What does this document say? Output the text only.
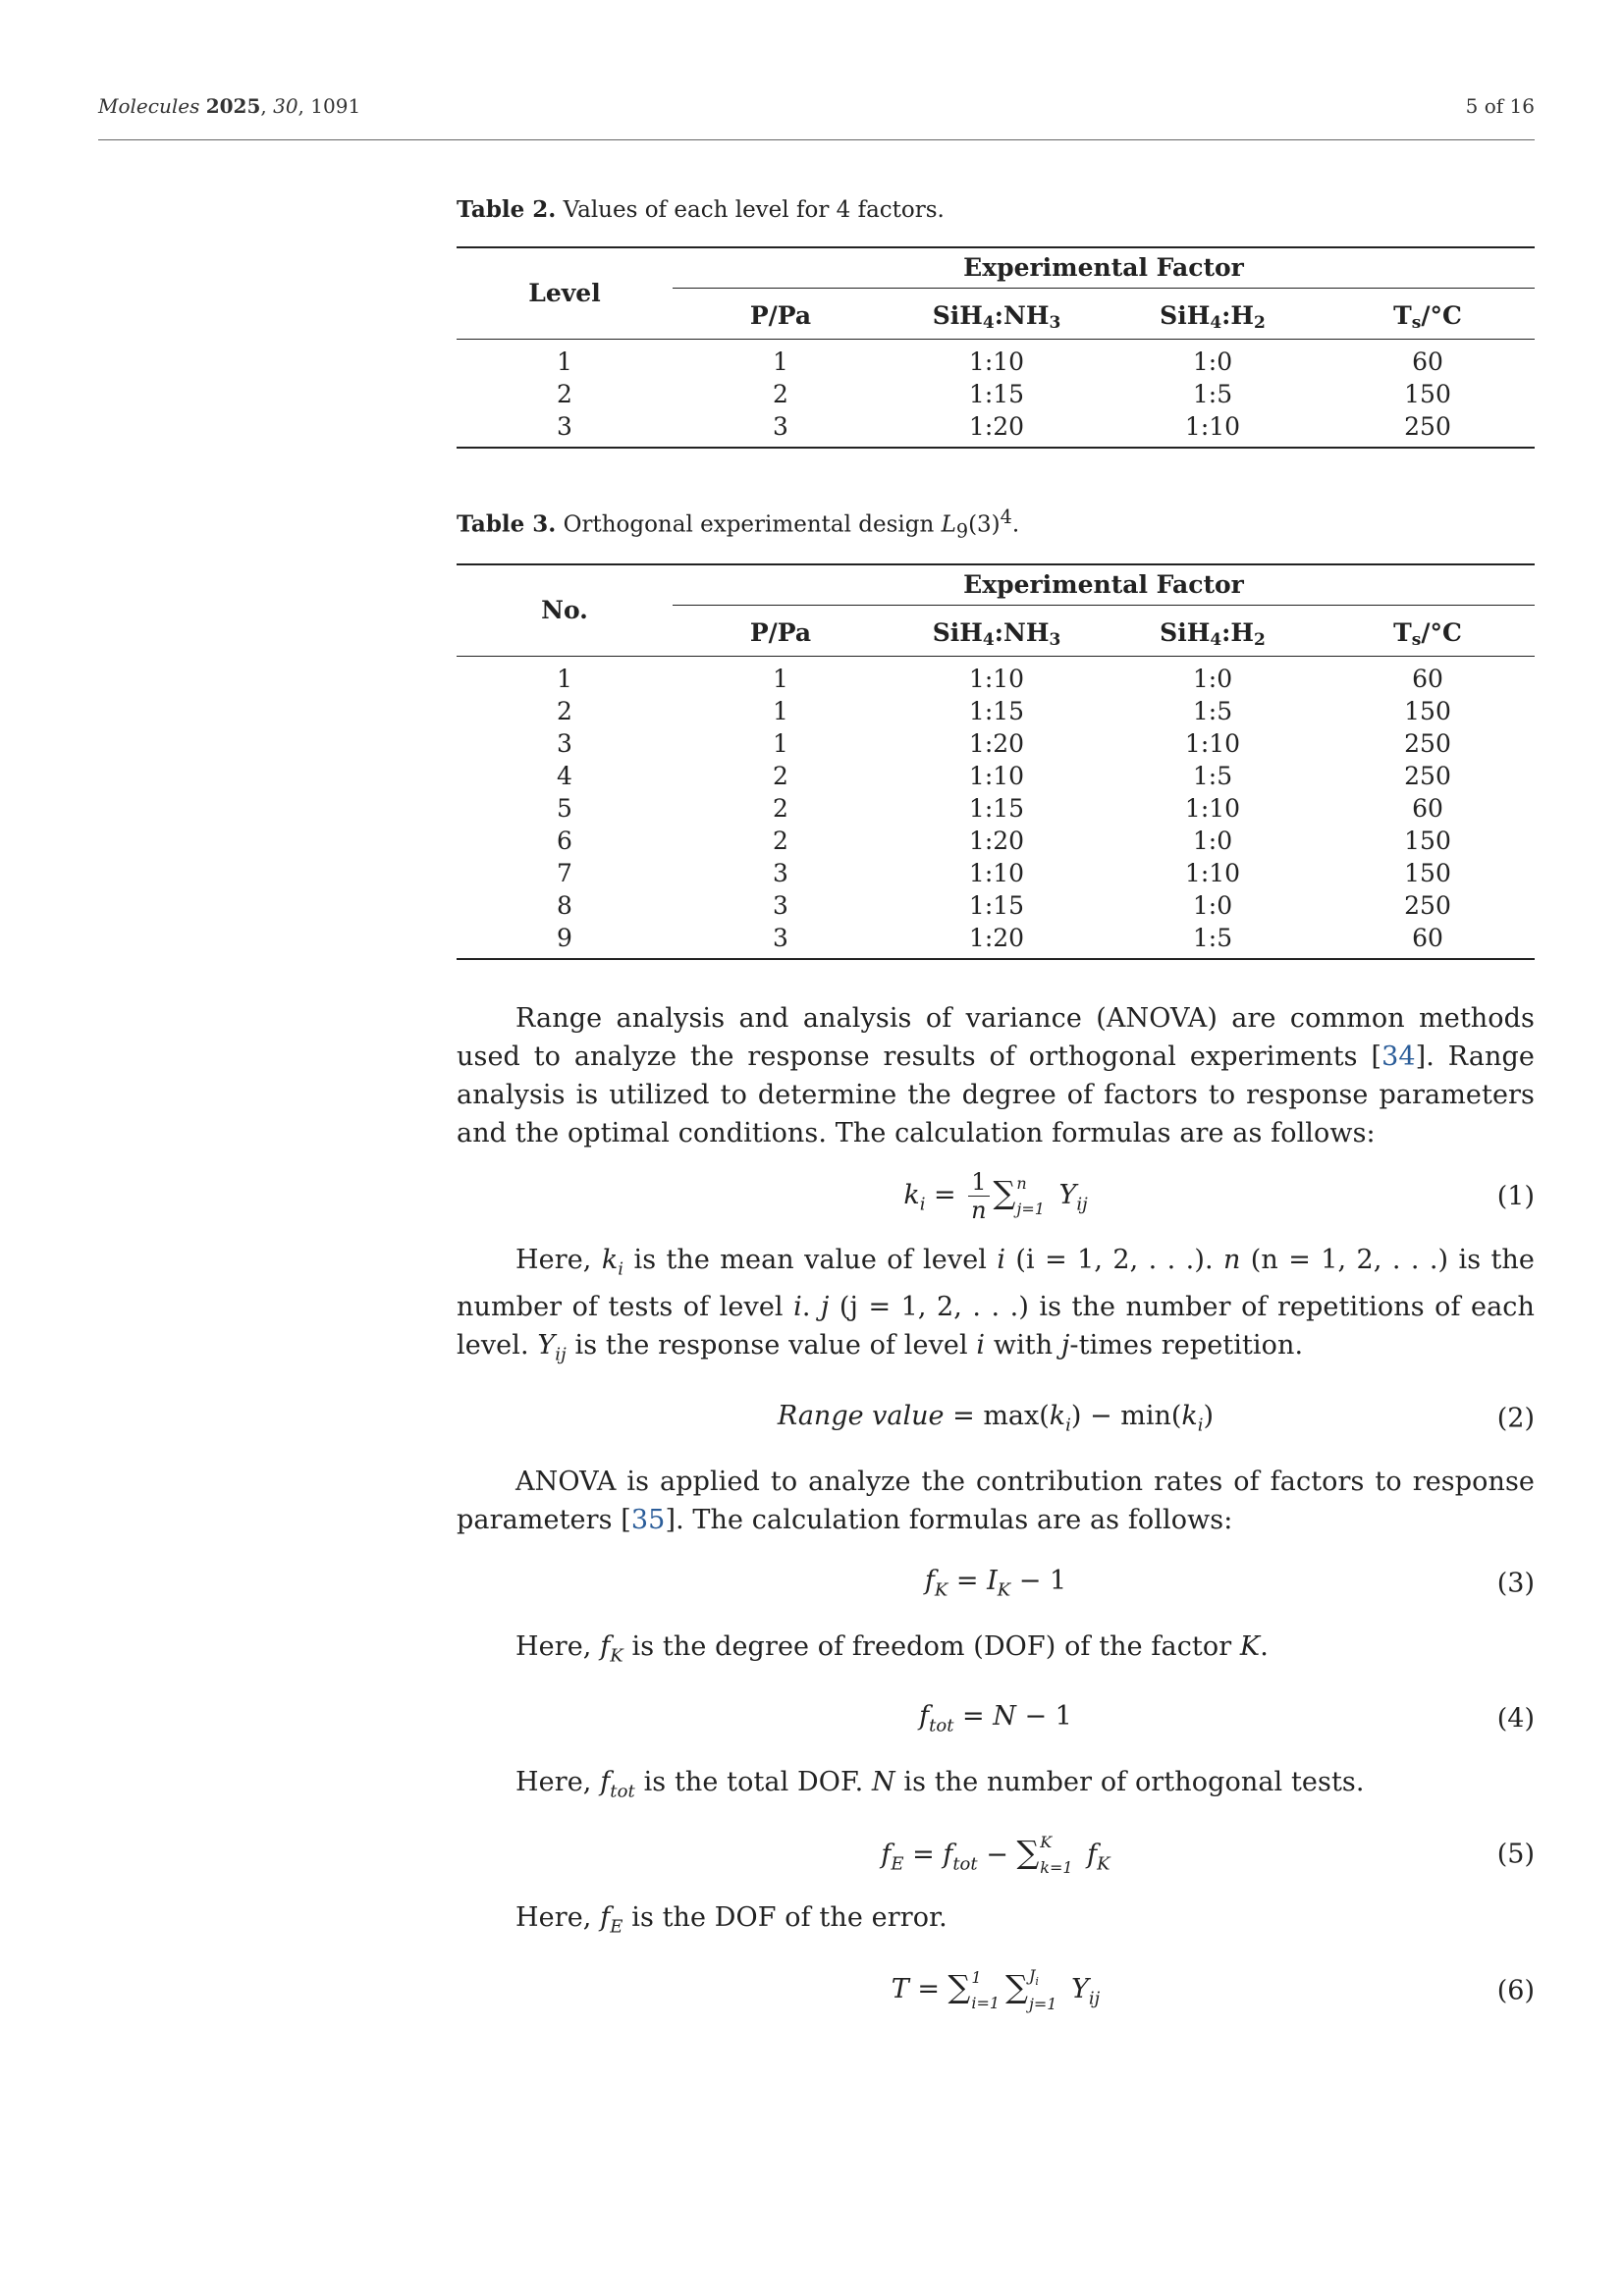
Molecules 2025, 30, 1091	5 of 16
Table 2. Values of each level for 4 factors.
Level	Experimental Factor			

	P/Pa	$SiH_4:NH_3$	$SiH_4:H_2$	$T_s/^\circ C$
1	1	1:10	1:0	60
2	2	1:15	1:5	150
3	3	1:20	1:10	250
Table 3. Orthogonal experimental design $L_9(3)^4$.
No.	Experimental Factor			

	P/Pa	$SiH_4:NH_3$	$SiH_4:H_2$	$T_s/^\circ C$
1	1	1:10	1:0	60
2	1	1:15	1:5	150
3	1	1:20	1:10	250
4	2	1:10	1:5	250
5	2	1:15	1:10	60
6	2	1:20	1:0	150
7	3	1:10	1:10	150
8	3	1:15	1:0	250
9	3	1:20	1:5	60

Range analysis and analysis of variance (ANOVA) are common methods used to analyze the response results of orthogonal experiments [34]. Range analysis is utilized to determine the degree of factors to response parameters and the optimal conditions. The calculation formulas are as follows:

$k_i = \frac{1}{n}$ ∑ n
j=1 $Y_{ij}$	(1)

Here, $k_i$ is the mean value of level i (i = 1, 2, . . .). n (n = 1, 2, . . .) is the number of tests of level i. j (j = 1, 2, . . .) is the number of repetitions of each level. $Y_{ij}$ is the response value of level i with j-times repetition.

Range value = $\max(k_i) - \min(k_i)$	(2)

ANOVA is applied to analyze the contribution rates of factors to response parameters [35]. The calculation formulas are as follows:

$f_K = I_K - 1$	(3)

Here, $f_K$ is the degree of freedom (DOF) of the factor K.

$f_{tot} = N - 1$	(4)

Here, $f_{tot}$ is the total DOF. N is the number of orthogonal tests.

$f_E = f_{tot}$ − ∑ K
k=1 $f_K$	(5)

Here, $f_E$ is the DOF of the error.

T = ∑ 1
i=1 ∑ $J_i$
j=1 $Y_{ij}$	(6)
